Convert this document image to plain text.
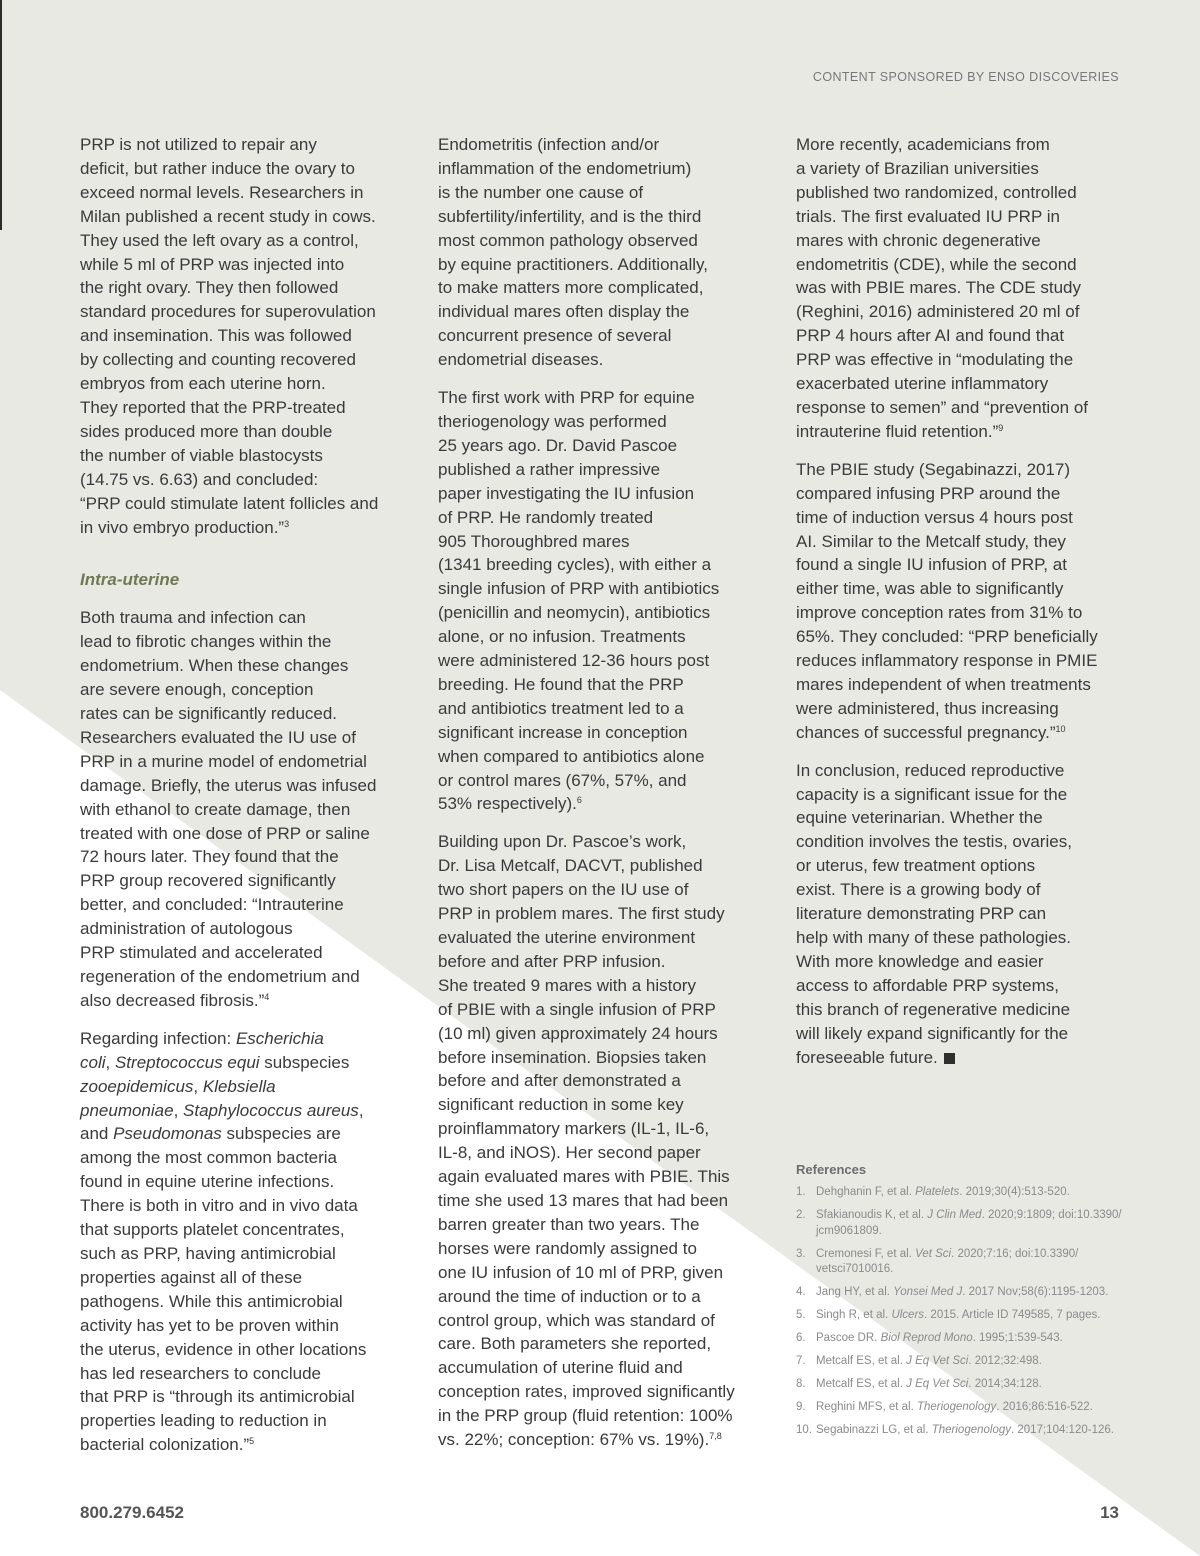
CONTENT SPONSORED BY ENSO DISCOVERIES

PRP is not utilized to repair any
deficit, but rather induce the ovary to
exceed normal levels. Researchers in
Milan published a recent study in cows.
They used the left ovary as a control,
while 5 ml of PRP was injected into
the right ovary. They then followed
standard procedures for superovulation
and insemination. This was followed
by collecting and counting recovered
embryos from each uterine horn.
They reported that the PRP-treated
sides produced more than double
the number of viable blastocysts
(14.75 vs. 6.63) and concluded:
“PRP could stimulate latent follicles and
in vivo embryo production.”$^3$

Intra-uterine

Both trauma and infection can
lead to fibrotic changes within the
endometrium. When these changes
are severe enough, conception
rates can be significantly reduced.
Researchers evaluated the IU use of
PRP in a murine model of endometrial
damage. Briefly, the uterus was infused
with ethanol to create damage, then
treated with one dose of PRP or saline
72 hours later. They found that the
PRP group recovered significantly
better, and concluded: “Intrauterine
administration of autologous
PRP stimulated and accelerated
regeneration of the endometrium and
also decreased fibrosis.”$^4$

Regarding infection: Escherichia
coli, Streptococcus equi subspecies
zooepidemicus, Klebsiella
pneumoniae, Staphylococcus aureus,
and Pseudomonas subspecies are
among the most common bacteria
found in equine uterine infections.
There is both in vitro and in vivo data
that supports platelet concentrates,
such as PRP, having antimicrobial
properties against all of these
pathogens. While this antimicrobial
activity has yet to be proven within
the uterus, evidence in other locations
has led researchers to conclude
that PRP is “through its antimicrobial
properties leading to reduction in
bacterial colonization.”$^5$

Endometritis (infection and/or
inflammation of the endometrium)
is the number one cause of
subfertility/infertility, and is the third
most common pathology observed
by equine practitioners. Additionally,
to make matters more complicated,
individual mares often display the
concurrent presence of several
endometrial diseases.

The first work with PRP for equine
theriogenology was performed
25 years ago. Dr. David Pascoe
published a rather impressive
paper investigating the IU infusion
of PRP. He randomly treated
905 Thoroughbred mares
(1341 breeding cycles), with either a
single infusion of PRP with antibiotics
(penicillin and neomycin), antibiotics
alone, or no infusion. Treatments
were administered 12-36 hours post
breeding. He found that the PRP
and antibiotics treatment led to a
significant increase in conception
when compared to antibiotics alone
or control mares (67%, 57%, and
53% respectively).$^6$

Building upon Dr. Pascoe’s work,
Dr. Lisa Metcalf, DACVT, published
two short papers on the IU use of
PRP in problem mares. The first study
evaluated the uterine environment
before and after PRP infusion.
She treated 9 mares with a history
of PBIE with a single infusion of PRP
(10 ml) given approximately 24 hours
before insemination. Biopsies taken
before and after demonstrated a
significant reduction in some key
proinflammatory markers (IL-1, IL-6,
IL-8, and iNOS). Her second paper
again evaluated mares with PBIE. This
time she used 13 mares that had been
barren greater than two years. The
horses were randomly assigned to
one IU infusion of 10 ml of PRP, given
around the time of induction or to a
control group, which was standard of
care. Both parameters she reported,
accumulation of uterine fluid and
conception rates, improved significantly
in the PRP group (fluid retention: 100%
vs. 22%; conception: 67% vs. 19%).$^{7,8}$

More recently, academicians from
a variety of Brazilian universities
published two randomized, controlled
trials. The first evaluated IU PRP in
mares with chronic degenerative
endometritis (CDE), while the second
was with PBIE mares. The CDE study
(Reghini, 2016) administered 20 ml of
PRP 4 hours after AI and found that
PRP was effective in “modulating the
exacerbated uterine inflammatory
response to semen” and “prevention of
intrauterine fluid retention.”$^9$

The PBIE study (Segabinazzi, 2017)
compared infusing PRP around the
time of induction versus 4 hours post
AI. Similar to the Metcalf study, they
found a single IU infusion of PRP, at
either time, was able to significantly
improve conception rates from 31% to
65%. They concluded: “PRP beneficially
reduces inflammatory response in PMIE
mares independent of when treatments
were administered, thus increasing
chances of successful pregnancy.”$^{10}$

In conclusion, reduced reproductive
capacity is a significant issue for the
equine veterinarian. Whether the
condition involves the testis, ovaries,
or uterus, few treatment options
exist. There is a growing body of
literature demonstrating PRP can
help with many of these pathologies.
With more knowledge and easier
access to affordable PRP systems,
this branch of regenerative medicine
will likely expand significantly for the
foreseeable future.

References
1. Dehghanin F, et al. Platelets. 2019;30(4):513-520.
2. Sfakianoudis K, et al. J Clin Med. 2020;9:1809; doi:10.3390/ jcm9061809.
3. Cremonesi F, et al. Vet Sci. 2020;7:16; doi:10.3390/ vetsci7010016.
4. Jang HY, et al. Yonsei Med J. 2017 Nov;58(6):1195-1203.
5. Singh R, et al. Ulcers. 2015. Article ID 749585, 7 pages.
6. Pascoe DR. Biol Reprod Mono. 1995;1:539-543.
7. Metcalf ES, et al. J Eq Vet Sci. 2012;32:498.
8. Metcalf ES, et al. J Eq Vet Sci. 2014;34:128.
9. Reghini MFS, et al. Theriogenology. 2016;86:516-522.
10. Segabinazzi LG, et al. Theriogenology. 2017;104:120-126.
800.279.6452	13
